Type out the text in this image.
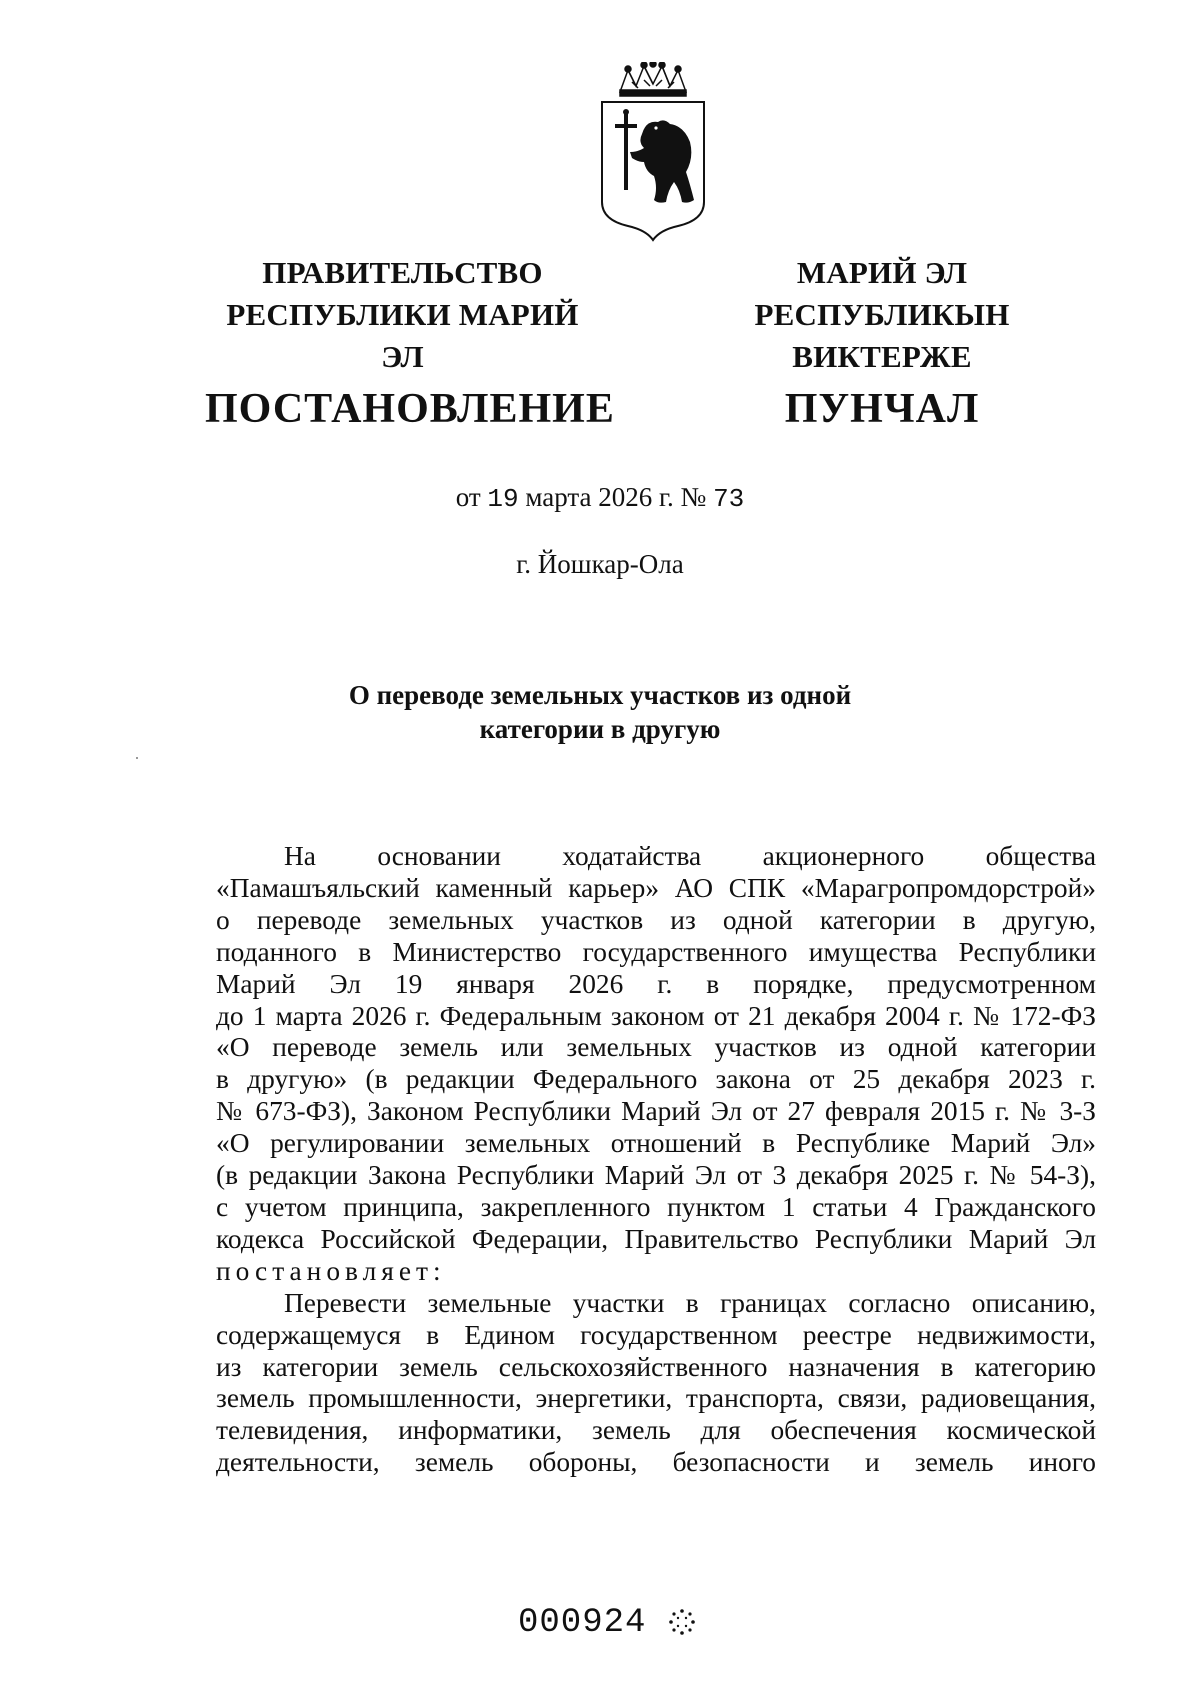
ПРАВИТЕЛЬСТВО
РЕСПУБЛИКИ МАРИЙ ЭЛ
ПОСТАНОВЛЕНИЕ
МАРИЙ ЭЛ РЕСПУБЛИКЫН
ВИКТЕРЖЕ
ПУНЧАЛ
от 19 марта 2026 г. № 73
г. Йошкар-Ола
О переводе земельных участков из одной
категории в другую

На основании ходатайства акционерного общества

«Памашъяльский каменный карьер» АО СПК «Марагропромдорстрой»

о переводе земельных участков из одной категории в другую,

поданного в Министерство государственного имущества Республики

Марий Эл 19 января 2026 г. в порядке, предусмотренном

до 1 марта 2026 г. Федеральным законом от 21 декабря 2004 г. № 172-ФЗ

«О переводе земель или земельных участков из одной категории

в другую» (в редакции Федерального закона от 25 декабря 2023 г.

№ 673-ФЗ), Законом Республики Марий Эл от 27 февраля 2015 г. № 3-З

«О регулировании земельных отношений в Республике Марий Эл»

(в редакции Закона Республики Марий Эл от 3 декабря 2025 г. № 54-З),

с учетом принципа, закрепленного пунктом 1 статьи 4 Гражданского

кодекса Российской Федерации, Правительство Республики Марий Эл

постановляет:

Перевести земельные участки в границах согласно описанию,

содержащемуся в Едином государственном реестре недвижимости,

из категории земель сельскохозяйственного назначения в категорию

земель промышленности, энергетики, транспорта, связи, радиовещания,

телевидения, информатики, земель для обеспечения космической

деятельности, земель обороны, безопасности и земель иного

000924
